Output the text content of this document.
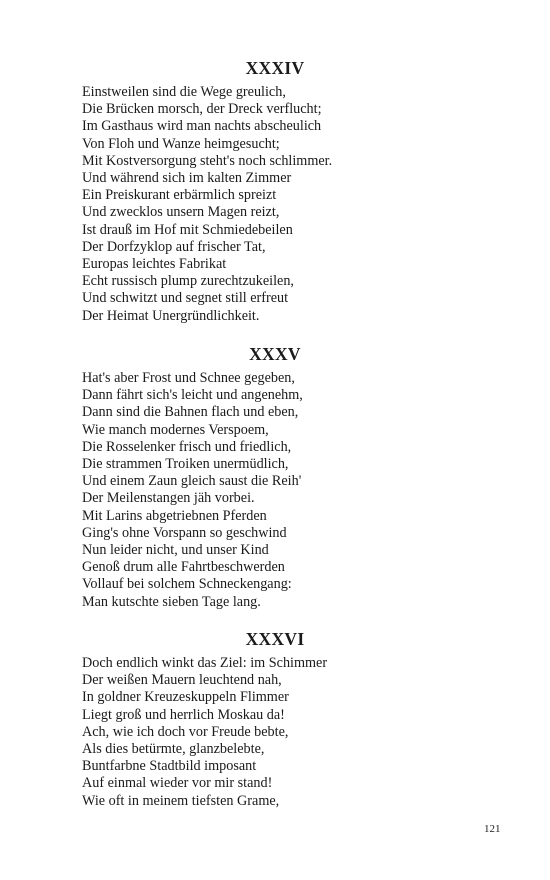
XXXIV
Einstweilen sind die Wege greulich,
Die Brücken morsch, der Dreck verflucht;
Im Gasthaus wird man nachts abscheulich
Von Floh und Wanze heimgesucht;
Mit Kostversorgung steht's noch schlimmer.
Und während sich im kalten Zimmer
Ein Preiskurant erbärmlich spreizt
Und zwecklos unsern Magen reizt,
Ist drauß im Hof mit Schmiedebeilen
Der Dorfzyklop auf frischer Tat,
Europas leichtes Fabrikat
Echt russisch plump zurechtzukeilen,
Und schwitzt und segnet still erfreut
Der Heimat Unergründlichkeit.
XXXV
Hat's aber Frost und Schnee gegeben,
Dann fährt sich's leicht und angenehm,
Dann sind die Bahnen flach und eben,
Wie manch modernes Verspoem,
Die Rosselenker frisch und friedlich,
Die strammen Troiken unermüdlich,
Und einem Zaun gleich saust die Reih'
Der Meilenstangen jäh vorbei.
Mit Larins abgetriebnen Pferden
Ging's ohne Vorspann so geschwind
Nun leider nicht, und unser Kind
Genoß drum alle Fahrtbeschwerden
Vollauf bei solchem Schneckengang:
Man kutschte sieben Tage lang.
XXXVI
Doch endlich winkt das Ziel: im Schimmer
Der weißen Mauern leuchtend nah,
In goldner Kreuzeskuppeln Flimmer
Liegt groß und herrlich Moskau da!
Ach, wie ich doch vor Freude bebte,
Als dies betürmte, glanzbelebte,
Buntfarbne Stadtbild imposant
Auf einmal wieder vor mir stand!
Wie oft in meinem tiefsten Grame,
121
